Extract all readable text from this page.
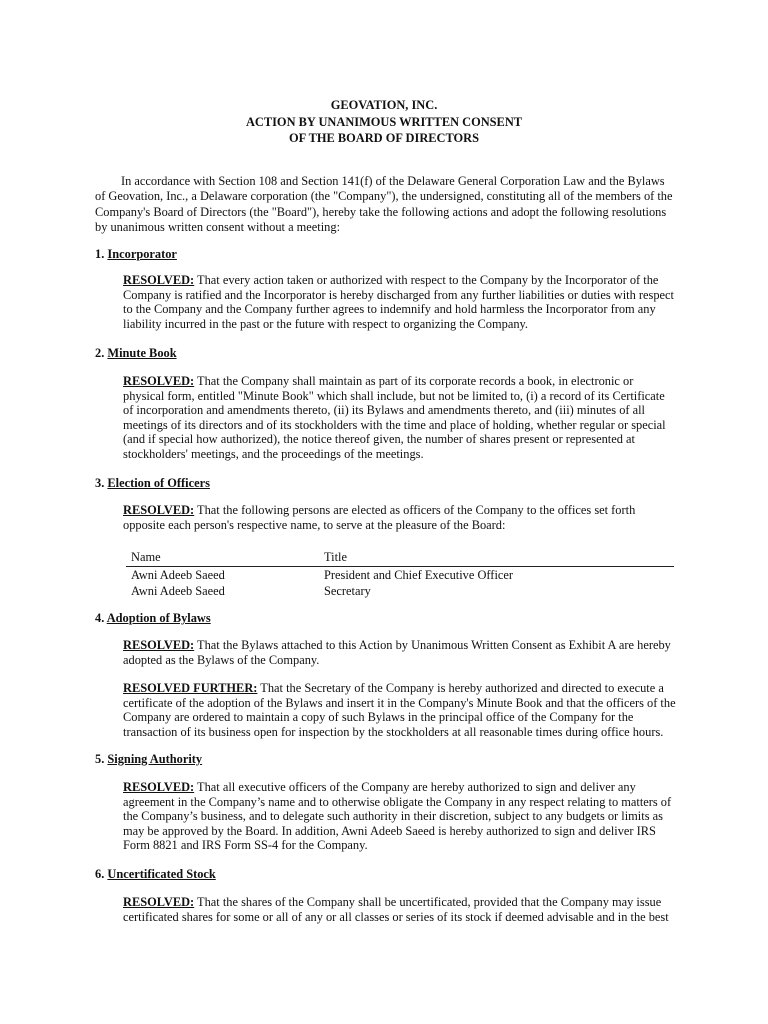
GEOVATION, INC.
ACTION BY UNANIMOUS WRITTEN CONSENT
OF THE BOARD OF DIRECTORS
In accordance with Section 108 and Section 141(f) of the Delaware General Corporation Law and the Bylaws of Geovation, Inc., a Delaware corporation (the "Company"), the undersigned, constituting all of the members of the Company's Board of Directors (the "Board"), hereby take the following actions and adopt the following resolutions by unanimous written consent without a meeting:
1. Incorporator
RESOLVED: That every action taken or authorized with respect to the Company by the Incorporator of the Company is ratified and the Incorporator is hereby discharged from any further liabilities or duties with respect to the Company and the Company further agrees to indemnify and hold harmless the Incorporator from any liability incurred in the past or the future with respect to organizing the Company.
2. Minute Book
RESOLVED: That the Company shall maintain as part of its corporate records a book, in electronic or physical form, entitled "Minute Book" which shall include, but not be limited to, (i) a record of its Certificate of incorporation and amendments thereto, (ii) its Bylaws and amendments thereto, and (iii) minutes of all meetings of its directors and of its stockholders with the time and place of holding, whether regular or special (and if special how authorized), the notice thereof given, the number of shares present or represented at stockholders' meetings, and the proceedings of the meetings.
3. Election of Officers
RESOLVED: That the following persons are elected as officers of the Company to the offices set forth opposite each person's respective name, to serve at the pleasure of the Board:
Name	Title
Awni Adeeb Saeed	President and Chief Executive Officer
Awni Adeeb Saeed	Secretary
4. Adoption of Bylaws
RESOLVED: That the Bylaws attached to this Action by Unanimous Written Consent as Exhibit A are hereby adopted as the Bylaws of the Company.
RESOLVED FURTHER: That the Secretary of the Company is hereby authorized and directed to execute a certificate of the adoption of the Bylaws and insert it in the Company's Minute Book and that the officers of the Company are ordered to maintain a copy of such Bylaws in the principal office of the Company for the transaction of its business open for inspection by the stockholders at all reasonable times during office hours.
5. Signing Authority
RESOLVED: That all executive officers of the Company are hereby authorized to sign and deliver any agreement in the Company’s name and to otherwise obligate the Company in any respect relating to matters of the Company’s business, and to delegate such authority in their discretion, subject to any budgets or limits as may be approved by the Board. In addition, Awni Adeeb Saeed is hereby authorized to sign and deliver IRS Form 8821 and IRS Form SS-4 for the Company.
6. Uncertificated Stock
RESOLVED: That the shares of the Company shall be uncertificated, provided that the Company may issue certificated shares for some or all of any or all classes or series of its stock if deemed advisable and in the best
